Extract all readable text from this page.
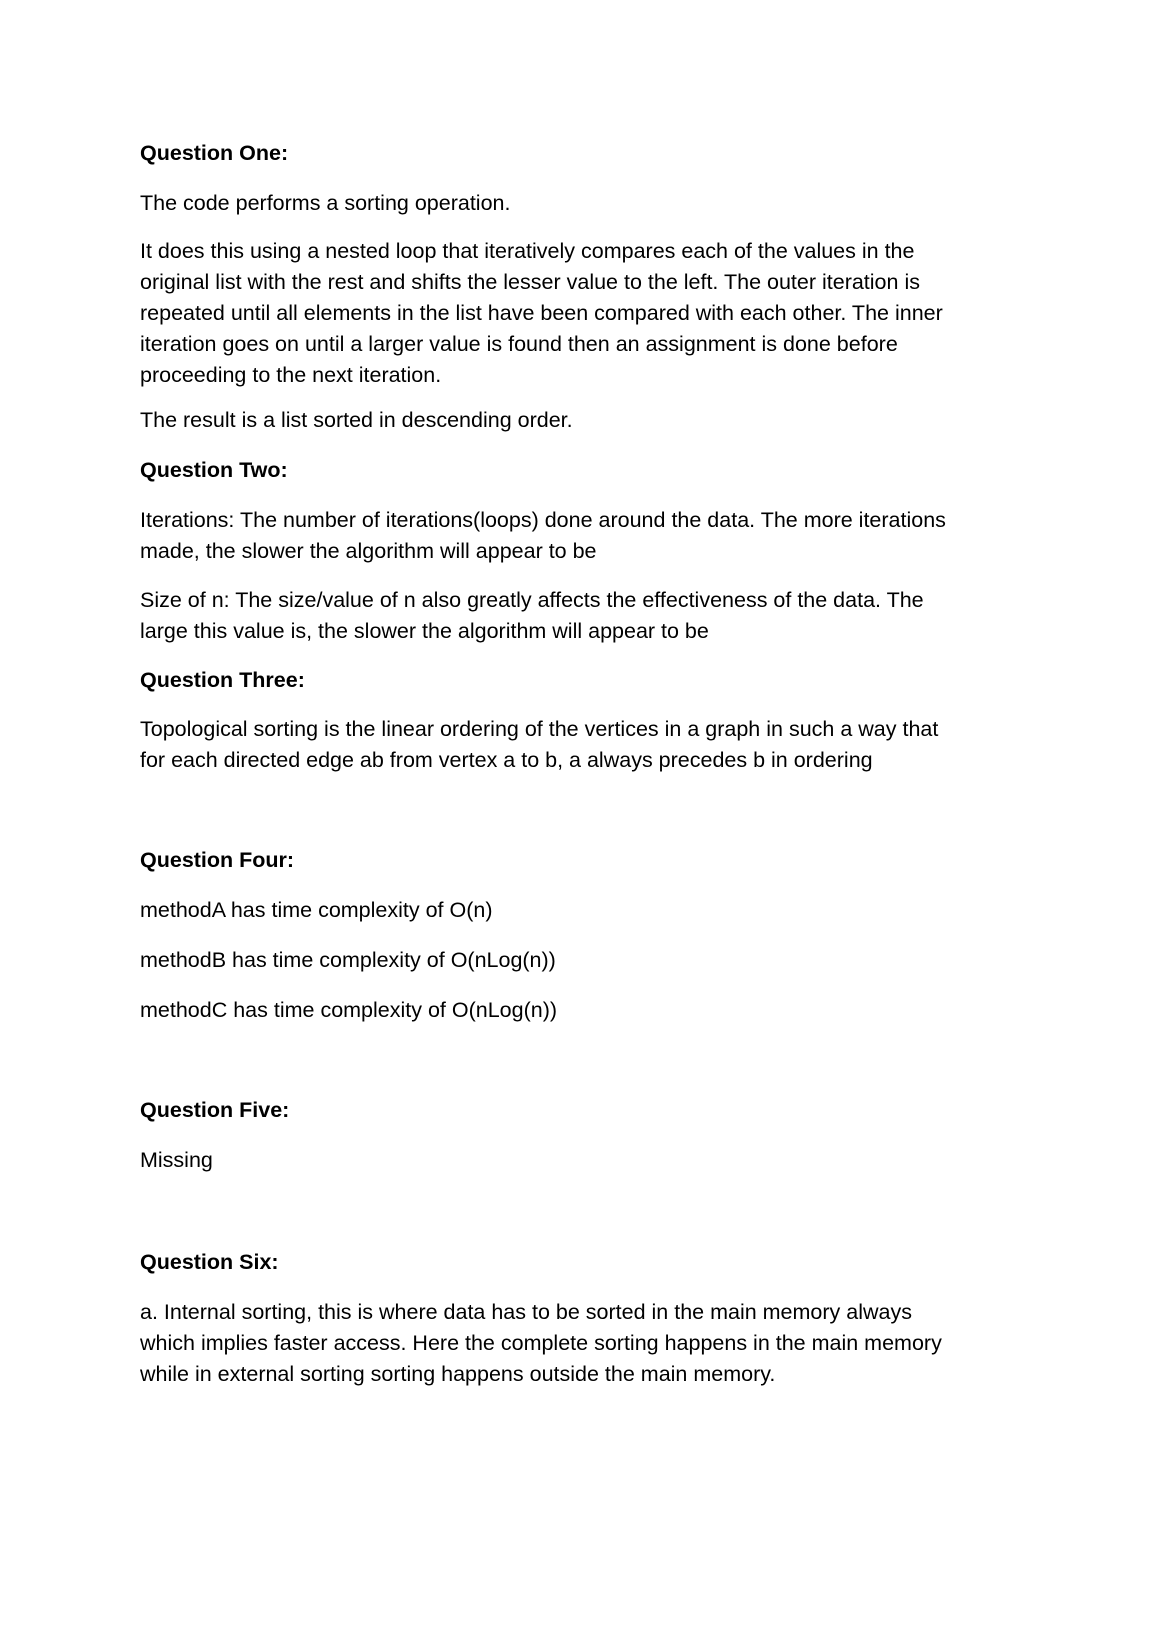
Question One:

The code performs a sorting operation.

It does this using a nested loop that iteratively compares each of the values in the
original list with the rest and shifts the lesser value to the left. The outer iteration is
repeated until all elements in the list have been compared with each other. The inner
iteration goes on until a larger value is found then an assignment is done before
proceeding to the next iteration.

The result is a list sorted in descending order.

Question Two:

Iterations: The number of iterations(loops) done around the data. The more iterations
made, the slower the algorithm will appear to be

Size of n: The size/value of n also greatly affects the effectiveness of the data. The
large this value is, the slower the algorithm will appear to be

Question Three:

Topological sorting is the linear ordering of the vertices in a graph in such a way that
for each directed edge ab from vertex a to b, a always precedes b in ordering

Question Four:

methodA has time complexity of O(n)

methodB has time complexity of O(nLog(n))

methodC has time complexity of O(nLog(n))

Question Five:

Missing

Question Six:

a. Internal sorting, this is where data has to be sorted in the main memory always
which implies faster access. Here the complete sorting happens in the main memory
while in external sorting sorting happens outside the main memory.
